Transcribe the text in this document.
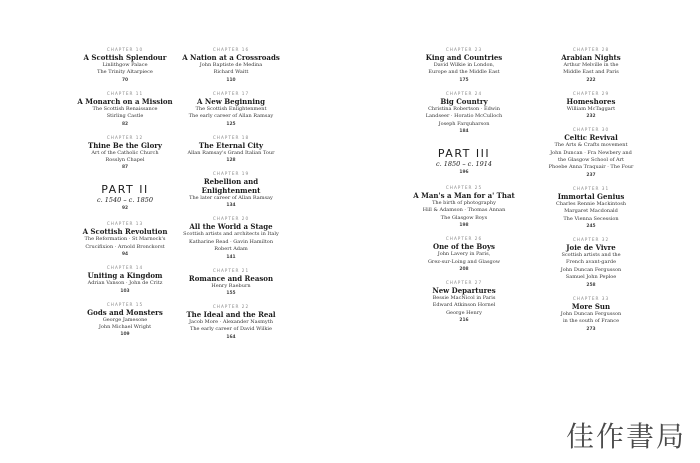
CHAPTER 10
A Scottish Splendour
Linlithgow Palace
The Trinity Altarpiece
70
CHAPTER 11
A Monarch on a Mission
The Scottish Renaissance
Stirling Castle
82
CHAPTER 12
Thine Be the Glory
Art of the Catholic Church
Rosslyn Chapel
87
PART II
c. 1540 – c. 1850
92
CHAPTER 13
A Scottish Revolution
The Reformation · St Marnock's
Crucifixion · Arnold Bronckorst
94
CHAPTER 14
Uniting a Kingdom
Adrian Vanson · John de Critz
103
CHAPTER 15
Gods and Monsters
George Jamesone
John Michael Wright
109
CHAPTER 16
A Nation at a Crossroads
John Baptiste de Medina
Richard Waitt
110
CHAPTER 17
A New Beginning
The Scottish Enlightenment
The early career of Allan Ramsay
125
CHAPTER 18
The Eternal City
Allan Ramsay's Grand Italian Tour
128
CHAPTER 19
Rebellion and Enlightenment
The later career of Allan Ramsay
134
CHAPTER 20
All the World a Stage
Scottish artists and architects in Italy
Katharine Read · Gavin Hamilton
Robert Adam
141
CHAPTER 21
Romance and Reason
Henry Raeburn
155
CHAPTER 22
The Ideal and the Real
Jacob More · Alexander Nasmyth
The early career of David Wilkie
164
CHAPTER 23
King and Countries
David Wilkie in London,
Europe and the Middle East
175
CHAPTER 24
Big Country
Christina Robertson · Edwin
Landseer · Horatio McCulloch
Joseph Farquharson
184
PART III
c. 1850 – c. 1914
196
CHAPTER 25
A Man's a Man for a' That
The birth of photography
Hill & Adamson · Thomas Annan
The Glasgow Boys
198
CHAPTER 26
One of the Boys
John Lavery in Paris,
Grez-sur-Loing and Glasgow
208
CHAPTER 27
New Departures
Bessie MacNicol in Paris
Edward Atkinson Hornel
George Henry
216
CHAPTER 28
Arabian Nights
Arthur Melville in the
Middle East and Paris
222
CHAPTER 29
Homeshores
William McTaggart
232
CHAPTER 30
Celtic Revival
The Arts & Crafts movement
John Duncan · Fra Newbery and
the Glasgow School of Art
Phoebe Anna Traquair · The Four
237
CHAPTER 31
Immortal Genius
Charles Rennie Mackintosh
Margaret Macdonald
The Vienna Secession
245
CHAPTER 32
Joie de Vivre
Scottish artists and the
French avant-garde
John Duncan Fergusson
Samuel John Peploe
258
CHAPTER 33
More Sun
John Duncan Fergusson
in the south of France
273
佳作書局
